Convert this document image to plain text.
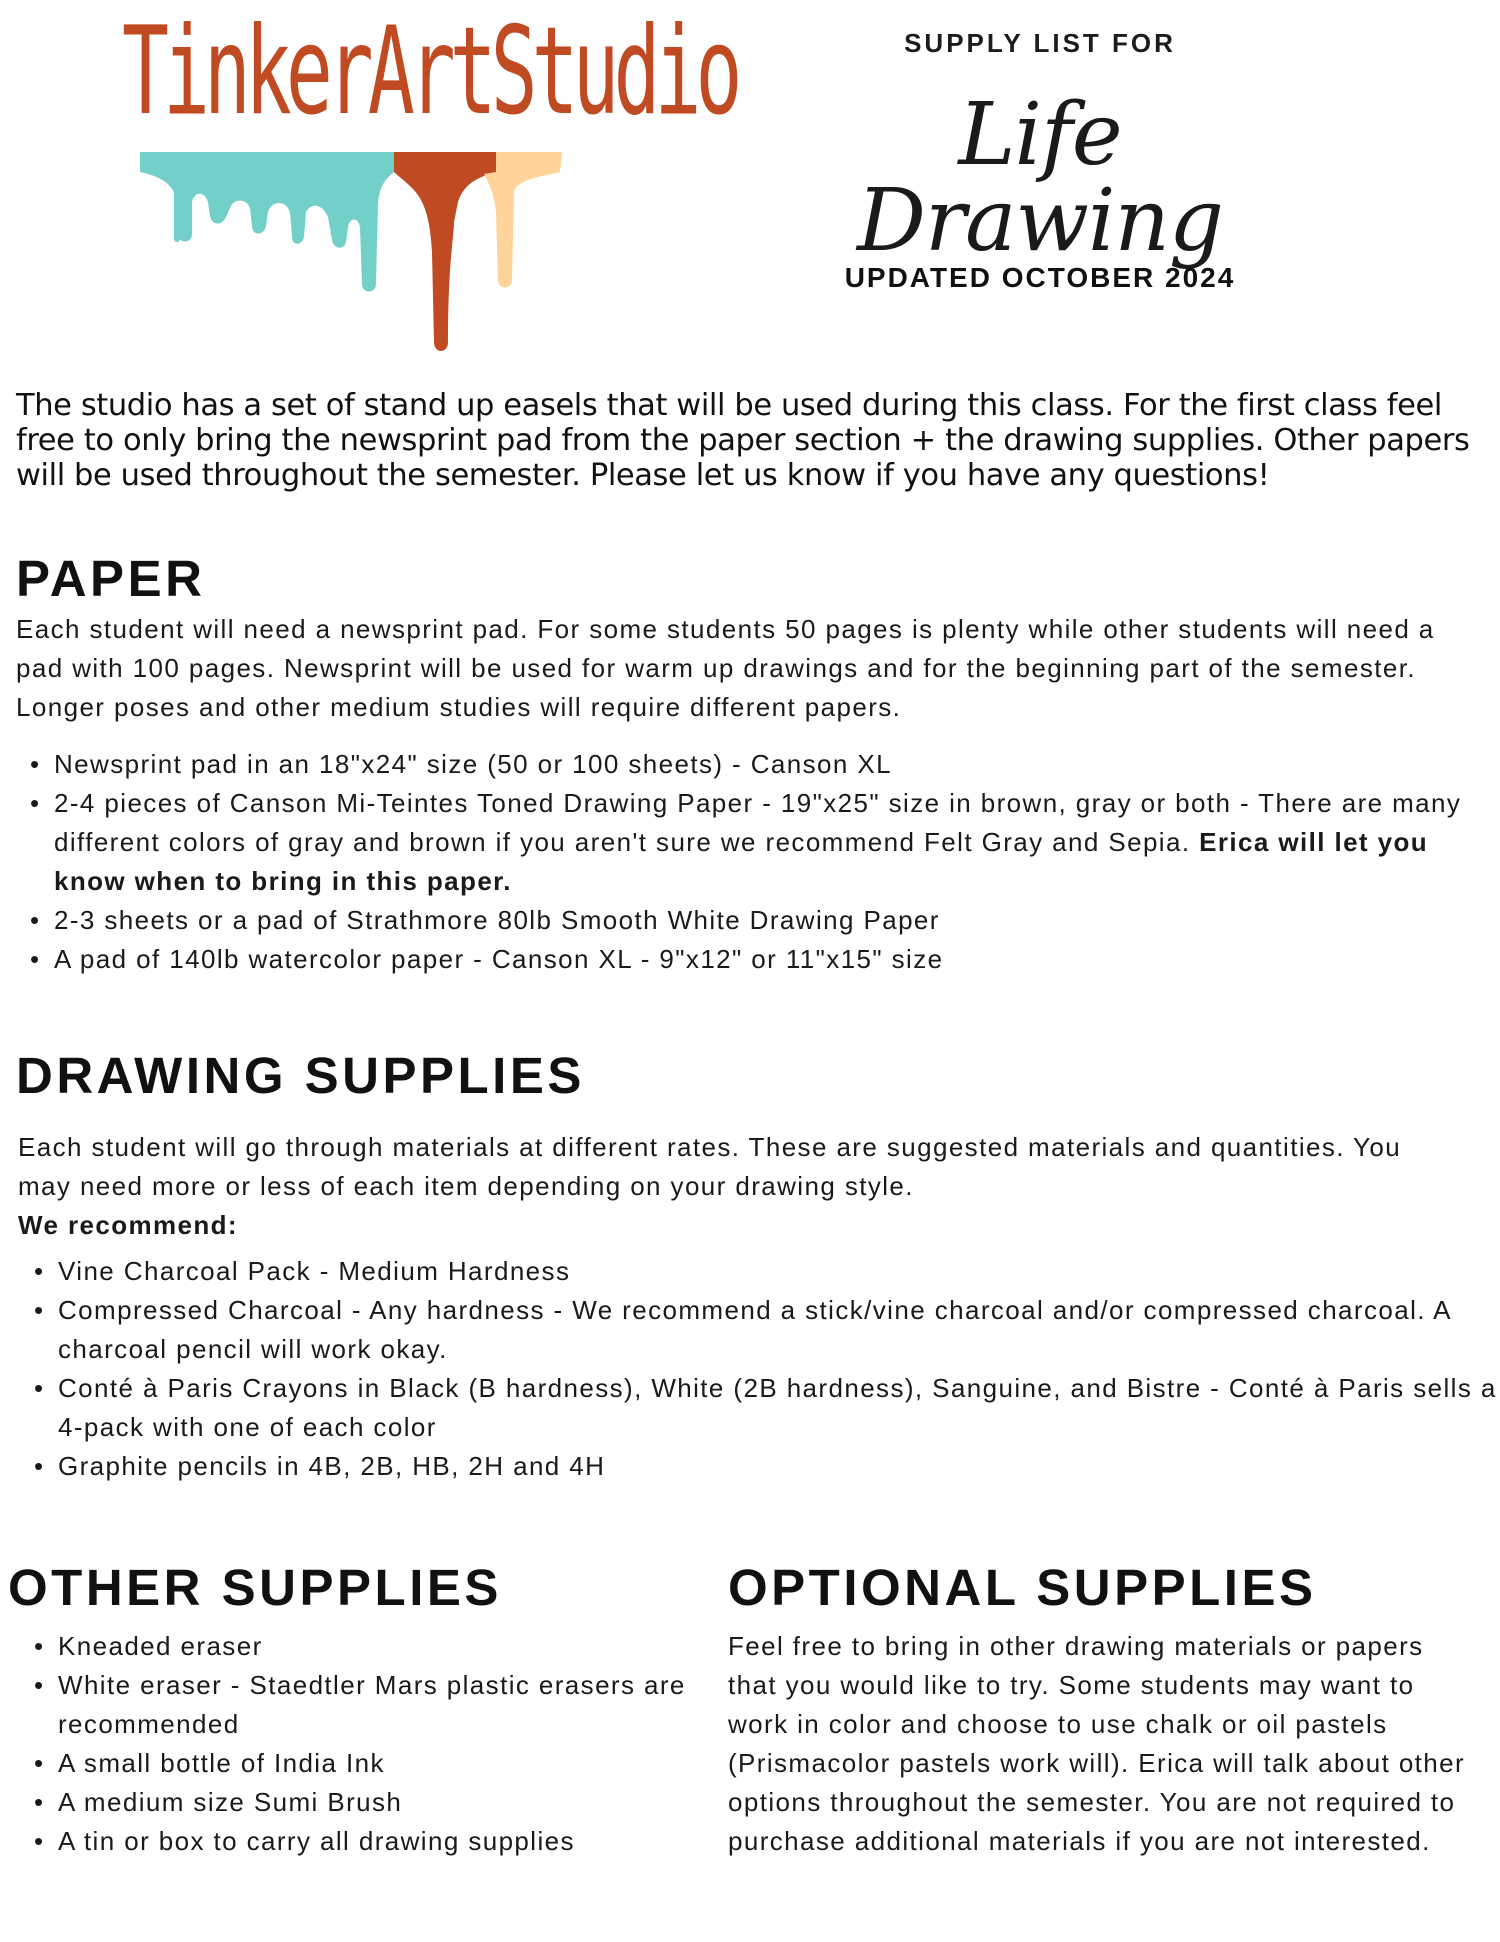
TinkerArtStudio	SUPPLY LIST FOR
Life Drawing
UPDATED OCTOBER 2024
The studio has a set of stand up easels that will be used during this class. For the first class feel free to only bring the newsprint pad from the paper section + the drawing supplies. Other papers will be used throughout the semester. Please let us know if you have any questions!
PAPER

Each student will need a newsprint pad. For some students 50 pages is plenty while other students will need a pad with 100 pages. Newsprint will be used for warm up drawings and for the beginning part of the semester. Longer poses and other medium studies will require different papers.

• Newsprint pad in an 18"x24" size (50 or 100 sheets) - Canson XL
• 2-4 pieces of Canson Mi-Teintes Toned Drawing Paper - 19"x25" size in brown, gray or both - There are many different colors of gray and brown if you aren't sure we recommend Felt Gray and Sepia. Erica will let you know when to bring in this paper.
• 2-3 sheets or a pad of Strathmore 80lb Smooth White Drawing Paper
• A pad of 140lb watercolor paper - Canson XL - 9"x12" or 11"x15" size
DRAWING SUPPLIES

Each student will go through materials at different rates. These are suggested materials and quantities. You may need more or less of each item depending on your drawing style.

We recommend:

• Vine Charcoal Pack - Medium Hardness
• Compressed Charcoal - Any hardness - We recommend a stick/vine charcoal and/or compressed charcoal. A charcoal pencil will work okay.
• Conté à Paris Crayons in Black (B hardness), White (2B hardness), Sanguine, and Bistre - Conté à Paris sells a 4-pack with one of each color
• Graphite pencils in 4B, 2B, HB, 2H and 4H
OTHER SUPPLIES
• Kneaded eraser
• White eraser - Staedtler Mars plastic erasers are recommended
• A small bottle of India Ink
• A medium size Sumi Brush
• A tin or box to carry all drawing supplies
OPTIONAL SUPPLIES

Feel free to bring in other drawing materials or papers that you would like to try. Some students may want to work in color and choose to use chalk or oil pastels (Prismacolor pastels work will). Erica will talk about other options throughout the semester. You are not required to purchase additional materials if you are not interested.
